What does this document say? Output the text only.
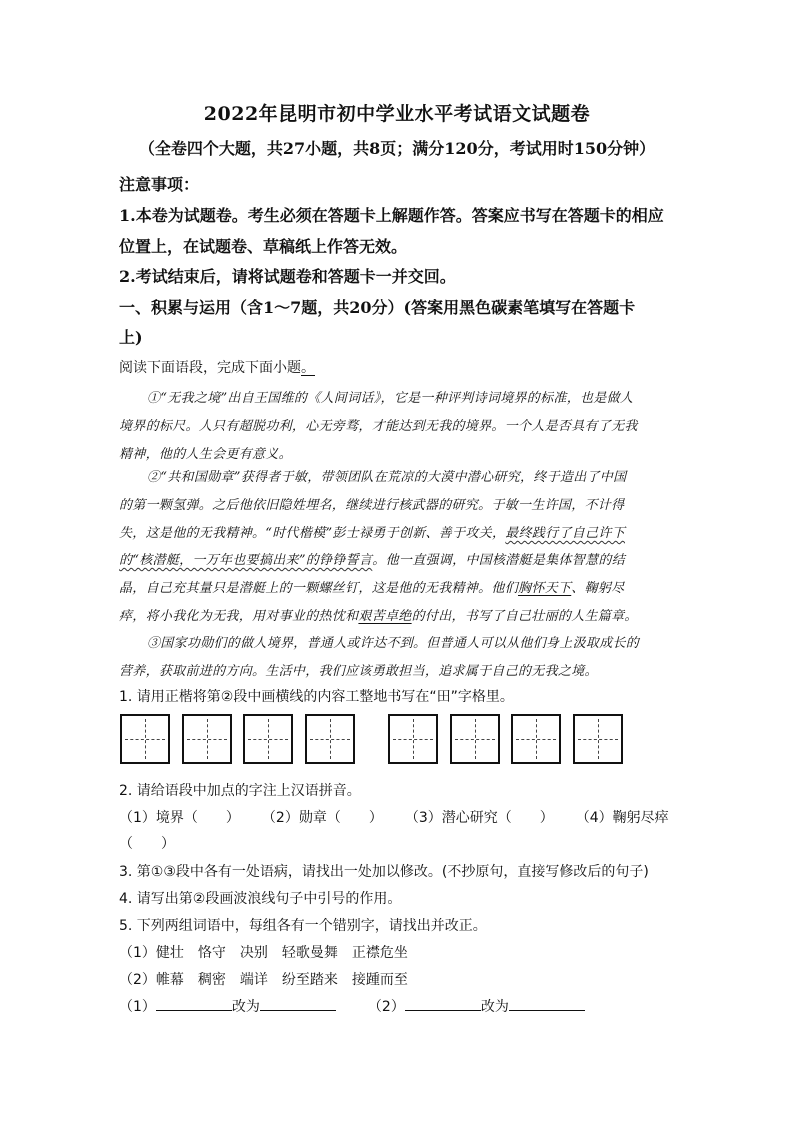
2022年昆明市初中学业水平考试语文试题卷
（全卷四个大题，共27小题，共8页；满分120分，考试用时150分钟）
注意事项：
1.本卷为试题卷。考生必须在答题卡上解题作答。答案应书写在答题卡的相应
位置上，在试题卷、草稿纸上作答无效。
2.考试结束后，请将试题卷和答题卡一并交回。
一、积累与运用（含1～7题，共20分）(答案用黑色碳素笔填写在答题卡
上)
阅读下面语段，完成下面小题。
①“无我之境”出自王国维的《人间词话》，它是一种评判诗词境界的标准，也是做人
境界的标尺。人只有超脱功利，心无旁骛，才能达到无我的境界。一个人是否具有了无我
精神，他的人生会更有意义。
②“共和国勋章”获得者于敏，带领团队在荒凉的大漠中潜心研究，终于造出了中国
的第一颗氢弹。之后他依旧隐姓埋名，继续进行核武器的研究。于敏一生许国，不计得
失，这是他的无我精神。“时代楷模”彭士禄勇于创新、善于攻关，最终践行了自己许下
的“核潜艇，一万年也要搞出来”的铮铮誓言。他一直强调，中国核潜艇是集体智慧的结
晶，自己充其量只是潜艇上的一颗螺丝钉，这是他的无我精神。他们胸怀天下、鞠躬尽
瘁，将小我化为无我，用对事业的热忱和艰苦卓绝的付出，书写了自己壮丽的人生篇章。
③国家功勋们的做人境界，普通人或许达不到。但普通人可以从他们身上汲取成长的
营养，获取前进的方向。生活中，我们应该勇敢担当，追求属于自己的无我之境。
1. 请用正楷将第②段中画横线的内容工整地书写在“田”字格里。
2. 请给语段中加点的字注上汉语拼音。
（1）境界（　　） （2）勋章（　　） （3）潜心研究（　　） （4）鞠躬尽瘁
（　　）
3. 第①③段中各有一处语病，请找出一处加以修改。(不抄原句，直接写修改后的句子)
4. 请写出第②段画波浪线句子中引号的作用。
5. 下列两组词语中，每组各有一个错别字，请找出并改正。
（1）健壮　恪守　决别　轻歌曼舞　正襟危坐
（2）帷幕　稠密　端详　纷至踏来　接踵而至
（1）	改为	（2）	改为
